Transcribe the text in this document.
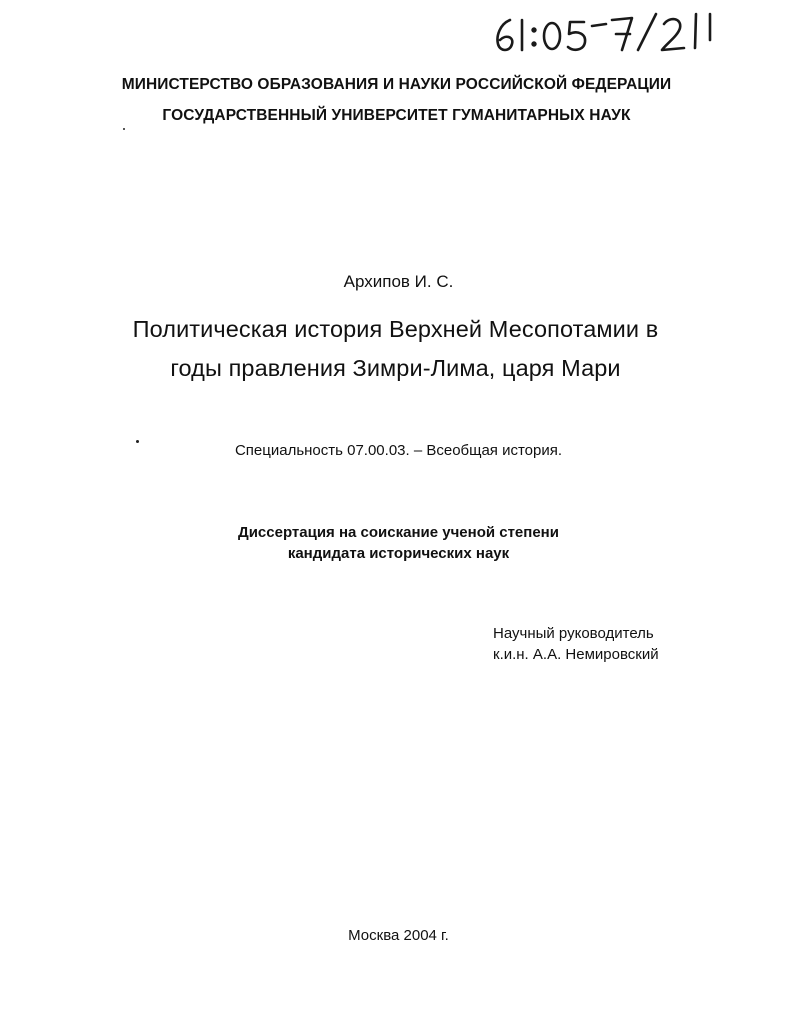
МИНИСТЕРСТВО ОБРАЗОВАНИЯ И НАУКИ РОССИЙСКОЙ ФЕДЕРАЦИИ
ГОСУДАРСТВЕННЫЙ УНИВЕРСИТЕТ ГУМАНИТАРНЫХ НАУК
Архипов И. С.
Политическая история Верхней Месопотамии в
годы правления Зимри-Лима, царя Мари
Специальность 07.00.03. – Всеобщая история.
Диссертация на соискание ученой степени
кандидата исторических наук
Научный руководитель
к.и.н. А.А. Немировский
Москва 2004 г.
